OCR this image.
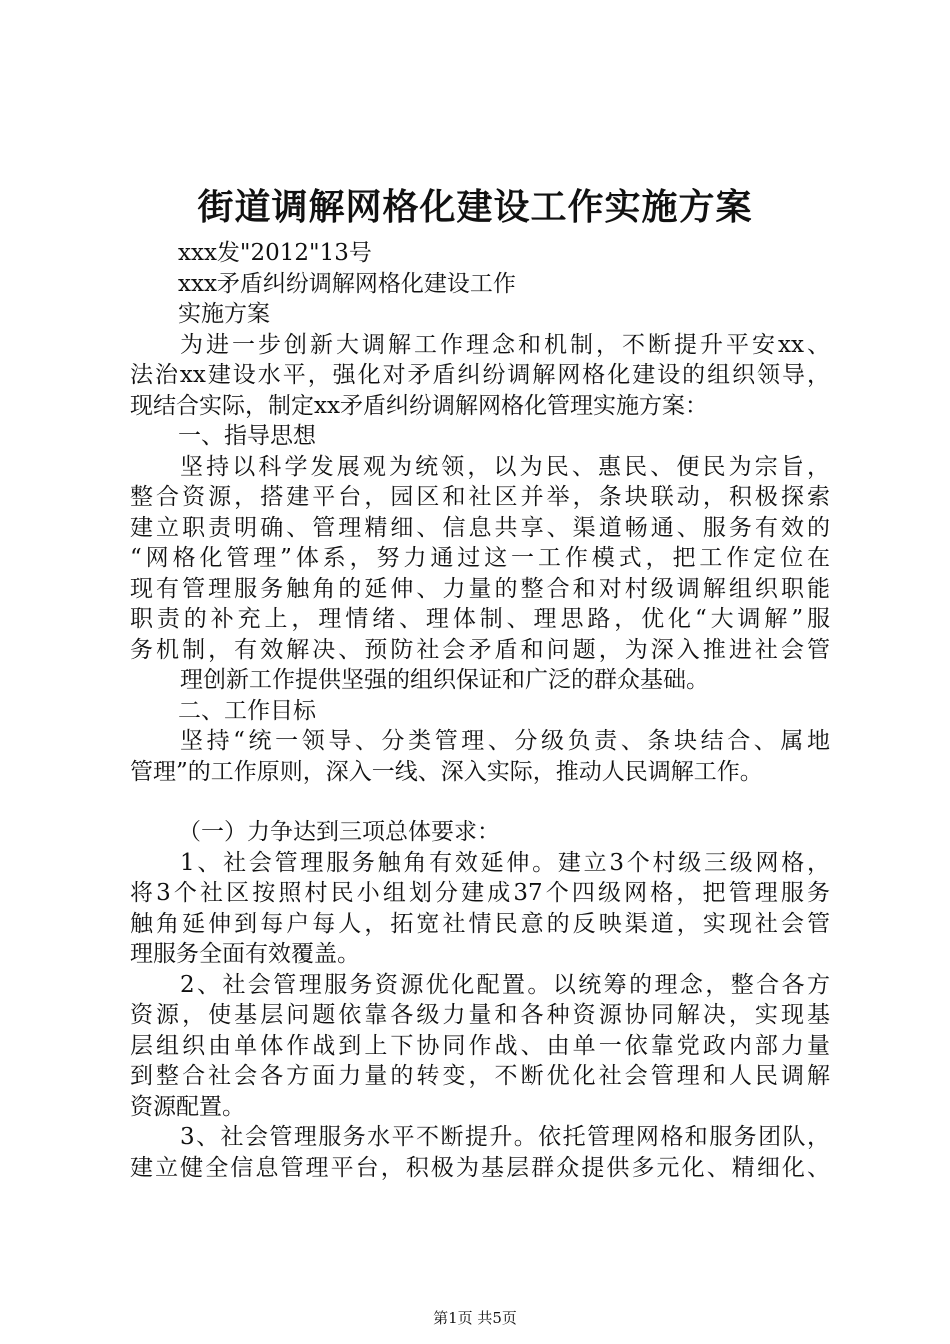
街道调解网格化建设工作实施方案
xxx发"2012"13号
xxx矛盾纠纷调解网格化建设工作
实施方案
为进一步创新大调解工作理念和机制，不断提升平安xx、
法治xx建设水平，强化对矛盾纠纷调解网格化建设的组织领导，
现结合实际，制定xx矛盾纠纷调解网格化管理实施方案：
一、指导思想
坚持以科学发展观为统领，以为民、惠民、便民为宗旨，
整合资源，搭建平台，园区和社区并举，条块联动，积极探索
建立职责明确、管理精细、信息共享、渠道畅通、服务有效的
“网格化管理”体系，努力通过这一工作模式，把工作定位在
现有管理服务触角的延伸、力量的整合和对村级调解组织职能
职责的补充上，理情绪、理体制、理思路，优化“大调解”服
务机制，有效解决、预防社会矛盾和问题，为深入推进社会管
理创新工作提供坚强的组织保证和广泛的群众基础。
二、工作目标
坚持“统一领导、分类管理、分级负责、条块结合、属地
管理”的工作原则，深入一线、深入实际，推动人民调解工作。
（一）力争达到三项总体要求：
1、社会管理服务触角有效延伸。建立3个村级三级网格，
将3个社区按照村民小组划分建成37个四级网格，把管理服务
触角延伸到每户每人，拓宽社情民意的反映渠道，实现社会管
理服务全面有效覆盖。
2、社会管理服务资源优化配置。以统筹的理念，整合各方
资源，使基层问题依靠各级力量和各种资源协同解决，实现基
层组织由单体作战到上下协同作战、由单一依靠党政内部力量
到整合社会各方面力量的转变，不断优化社会管理和人民调解
资源配置。
3、社会管理服务水平不断提升。依托管理网格和服务团队，
建立健全信息管理平台，积极为基层群众提供多元化、精细化、
第1页 共5页
